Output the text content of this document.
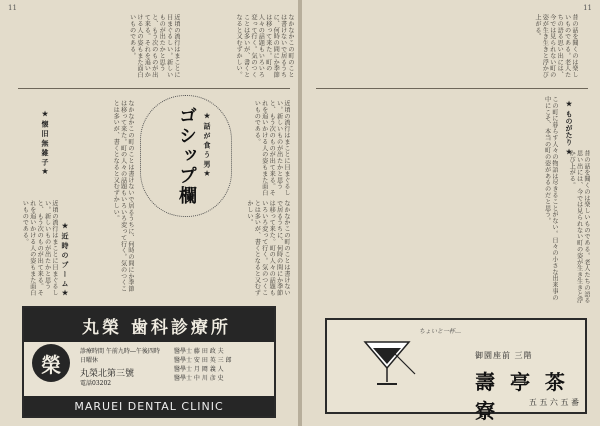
11
なかなかこの町のことは書けないで居るうちに、何時の間にか季節は移って来た。町の人々の話題もいろいろ変って行く。気のつくことは多いが、書くとなると又むずかしい。
近頃の流行はまことに目まぐるしい。新しいものが出たかと思うと、もう次のものが出て来る。それを追いかける人の姿もまた面白いものである。
★ 懐 旧 無 雑 子 ★
★ 近 時 の ブ ー ム ★
★ 話 が 食 う 男 ★
なかなかこの町のことは書けないで居るうちに、何時の間にか季節は移って来た。町の人々の話題もいろいろ変って行く。気のつくことは多いが、書くとなると又むずかしい。
近頃の流行はまことに目まぐるしい。新しいものが出たかと思うと、もう次のものが出て来る。それを追いかける人の姿もまた面白いものである。	なかなかこの町のことは書けないで居るうちに、何時の間にか季節は移って来た。町の人々の話題もいろいろ変って行く。気のつくことは多いが、書くとなると又むずかしい。
近頃の流行はまことに目まぐるしい。新しいものが出たかと思うと、もう次のものが出て来る。それを追いかける人の姿もまた面白いものである。
ゴシップ欄
11
昔の話を聞くのは楽しいものである。老人たちの語る思い出には、今では見られない町の姿が生き生きと浮かび上がる。
★ ものがたり ★
この町に暮らす人々の物語は尽きることがない。日々の小さな出来事の中にこそ、本当の町の姿があるのだと思う。	昔の話を聞くのは楽しいものである。老人たちの語る思い出には、今では見られない町の姿が生き生きと浮かび上がる。
丸榮 歯科診療所
榮
診療時間 午前九時―午後四時
日曜休
丸榮北第三號
電話03202
醫學士 藤 田 政 夫
醫學士 安 田 英 三 郎
醫學士 月 岡 義 人
醫學士 中 川 彦 史
MARUEI DENTAL CLINIC
ちょいと一杯…
御園座前 三階
壽 亭 茶 寮	五 五 六 五 番
